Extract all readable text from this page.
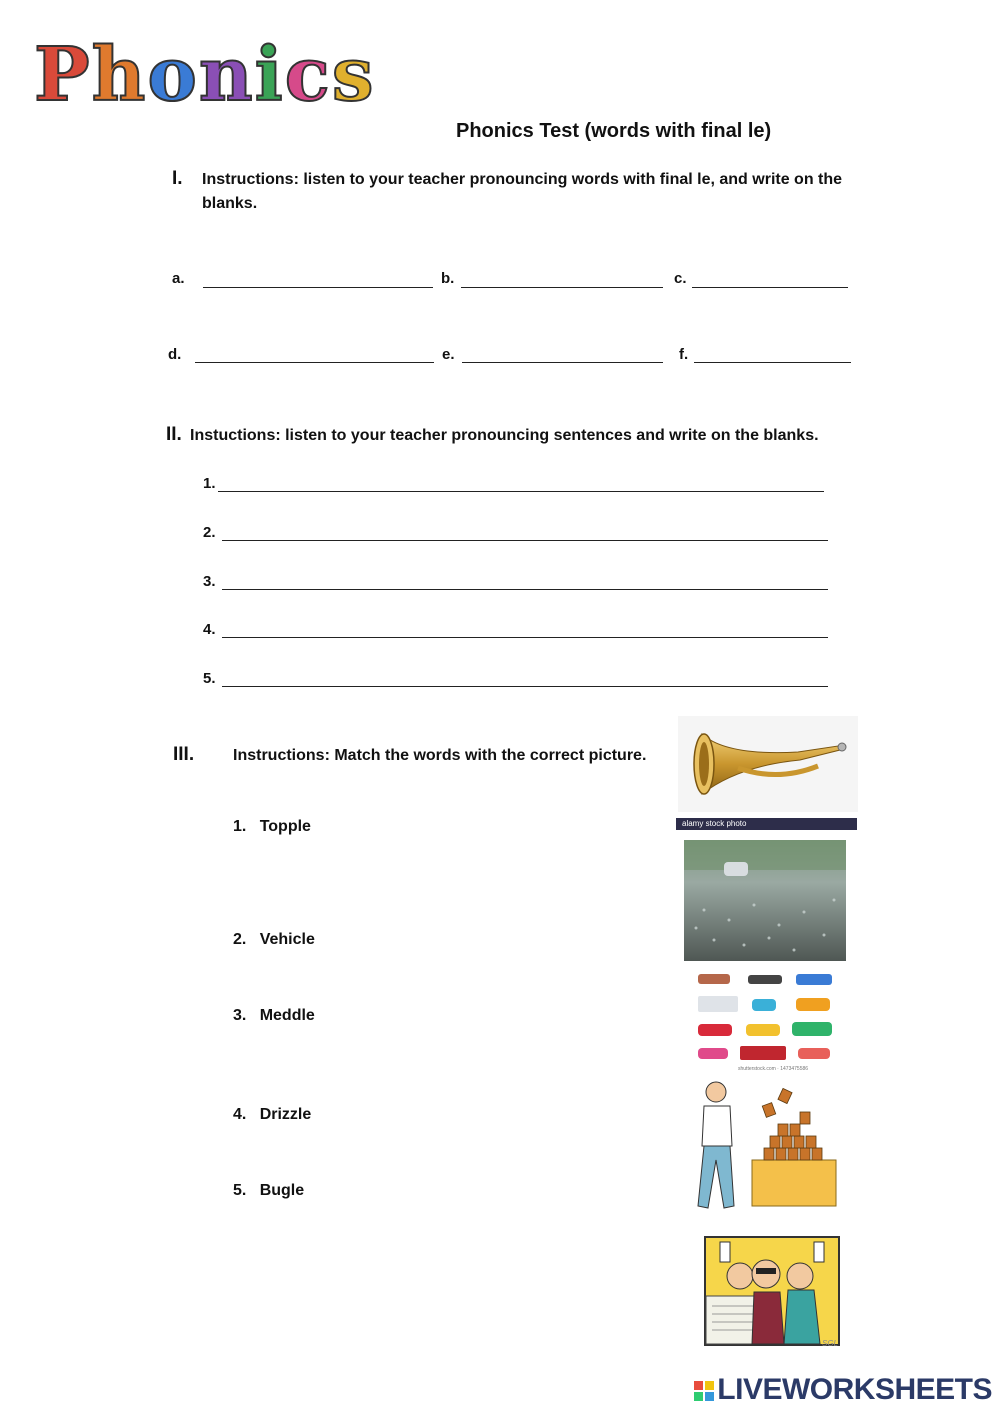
Phonics
Phonics Test (words with final le)
I. Instructions: listen to your teacher pronouncing words with final le, and write on the
blanks.
a.	b.	c.
d.	e.	f.
II. Instuctions: listen to your teacher pronouncing sentences and write on the blanks.
1.
2.
3.
4.
5.
III. Instructions: Match the words with the correct picture.
1. Topple
2. Vehicle
3. Meddle
4. Drizzle
5. Bugle
alamy stock photo
shutterstock.com · 1473475586
SGL
LIVEWORKSHEETS
